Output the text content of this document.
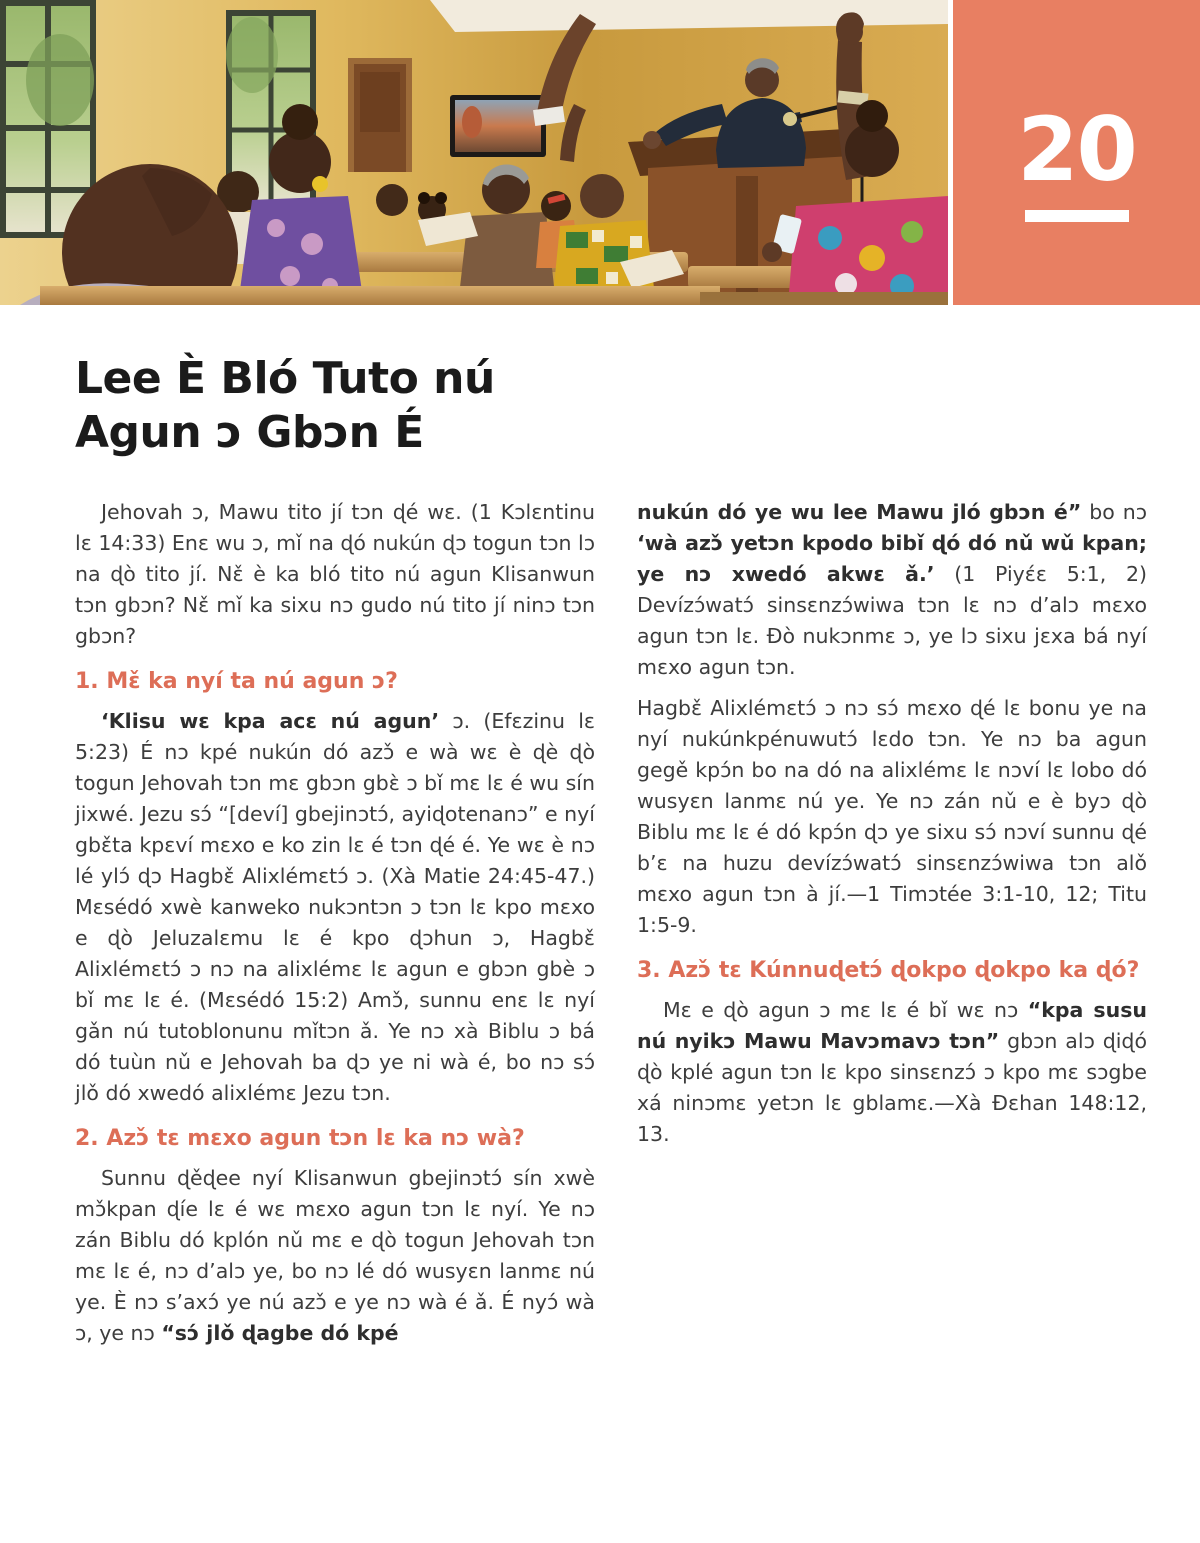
20
Lee È Bló Tuto nú
Agun ɔ Gbɔn É

Jehovah ɔ, Mawu tito jí tɔn ɖé wɛ. (1 Kɔlɛntinu lɛ 14:33) Enɛ wu ɔ, mǐ na ɖó nukún ɖɔ togun tɔn lɔ na ɖò tito jí. Nɛ̌ è ka bló tito nú agun Klisanwun tɔn gbɔn? Nɛ̌ mǐ ka sixu nɔ gudo nú tito jí ninɔ tɔn gbɔn?

1. Mɛ̌ ka nyí ta nú agun ɔ?

‘Klisu wɛ kpa acɛ nú agun’ ɔ. (Efɛzinu lɛ 5:23) É nɔ kpé nukún dó azɔ̌ e wà wɛ è ɖè ɖò togun Jehovah tɔn mɛ gbɔn gbɛ̀ ɔ bǐ mɛ lɛ é wu sín jixwé. Jezu sɔ́ “[deví] gbejinɔtɔ́, ayiɖotenanɔ” e nyí gbɛ̌ta kpɛví mɛxo e ko zin lɛ é tɔn ɖé é. Ye wɛ è nɔ lé ylɔ́ ɖɔ Hagbɛ̌ Alixlémɛtɔ́ ɔ. (Xà Matie 24:45-47.) Mɛsédó xwè kanweko nukɔntɔn ɔ tɔn lɛ kpo mɛxo e ɖò Jeluzalɛmu lɛ é kpo ɖɔhun ɔ, Hagbɛ̌ Alixlémɛtɔ́ ɔ nɔ na alixlémɛ lɛ agun e gbɔn gbè ɔ bǐ mɛ lɛ é. (Mɛsédó 15:2) Amɔ̌, sunnu enɛ lɛ nyí gǎn nú tutoblonunu mǐtɔn ǎ. Ye nɔ xà Biblu ɔ bá dó tuùn nǔ e Jehovah ba ɖɔ ye ni wà é, bo nɔ sɔ́ jlǒ dó xwedó alixlémɛ Jezu tɔn.

2. Azɔ̌ tɛ mɛxo agun tɔn lɛ ka nɔ wà?

Sunnu ɖěɖee nyí Klisanwun gbejinɔtɔ́ sín xwè mɔ̌kpan ɖíe lɛ é wɛ mɛxo agun tɔn lɛ nyí. Ye nɔ zán Biblu dó kplón nǔ mɛ e ɖò togun Jehovah tɔn mɛ lɛ é, nɔ d’alɔ ye, bo nɔ lé dó wusyɛn lanmɛ nú ye. È nɔ s’axɔ́ ye nú azɔ̌ e ye nɔ wà é ǎ. É nyɔ́ wà ɔ, ye nɔ “sɔ́ jlǒ ɖagbe dó kpé

nukún dó ye wu lee Mawu jló gbɔn é” bo nɔ ‘wà azɔ̌ yetɔn kpodo bibǐ ɖó dó nǔ wǔ kpan; ye nɔ xwedó akwɛ ǎ.’ (1 Piyɛ́ɛ 5:1, 2) Devízɔ́watɔ́ sinsɛnzɔ́wiwa tɔn lɛ nɔ d’alɔ mɛxo agun tɔn lɛ. Ðò nukɔnmɛ ɔ, ye lɔ sixu jɛxa bá nyí mɛxo agun tɔn.

Hagbɛ̌ Alixlémɛtɔ́ ɔ nɔ sɔ́ mɛxo ɖé lɛ bonu ye na nyí nukúnkpénuwutɔ́ lɛdo tɔn. Ye nɔ ba agun gegě kpɔ́n bo na dó na alixlémɛ lɛ nɔví lɛ lobo dó wusyɛn lanmɛ nú ye. Ye nɔ zán nǔ e è byɔ ɖò Biblu mɛ lɛ é dó kpɔ́n ɖɔ ye sixu sɔ́ nɔví sunnu ɖé b’ɛ na huzu devízɔ́watɔ́ sinsɛnzɔ́wiwa tɔn alǒ mɛxo agun tɔn à jí.—1 Timɔtée 3:1-10, 12; Titu 1:5-9.

3. Azɔ̌ tɛ Kúnnuɖetɔ́ ɖokpo ɖokpo ka ɖó?

Mɛ e ɖò agun ɔ mɛ lɛ é bǐ wɛ nɔ “kpa susu nú nyikɔ Mawu Mavɔmavɔ tɔn” gbɔn alɔ ɖiɖó ɖò kplé agun tɔn lɛ kpo sinsɛnzɔ́ ɔ kpo mɛ sɔgbe xá ninɔmɛ yetɔn lɛ gblamɛ.—Xà Ðɛhan 148:12, 13.
